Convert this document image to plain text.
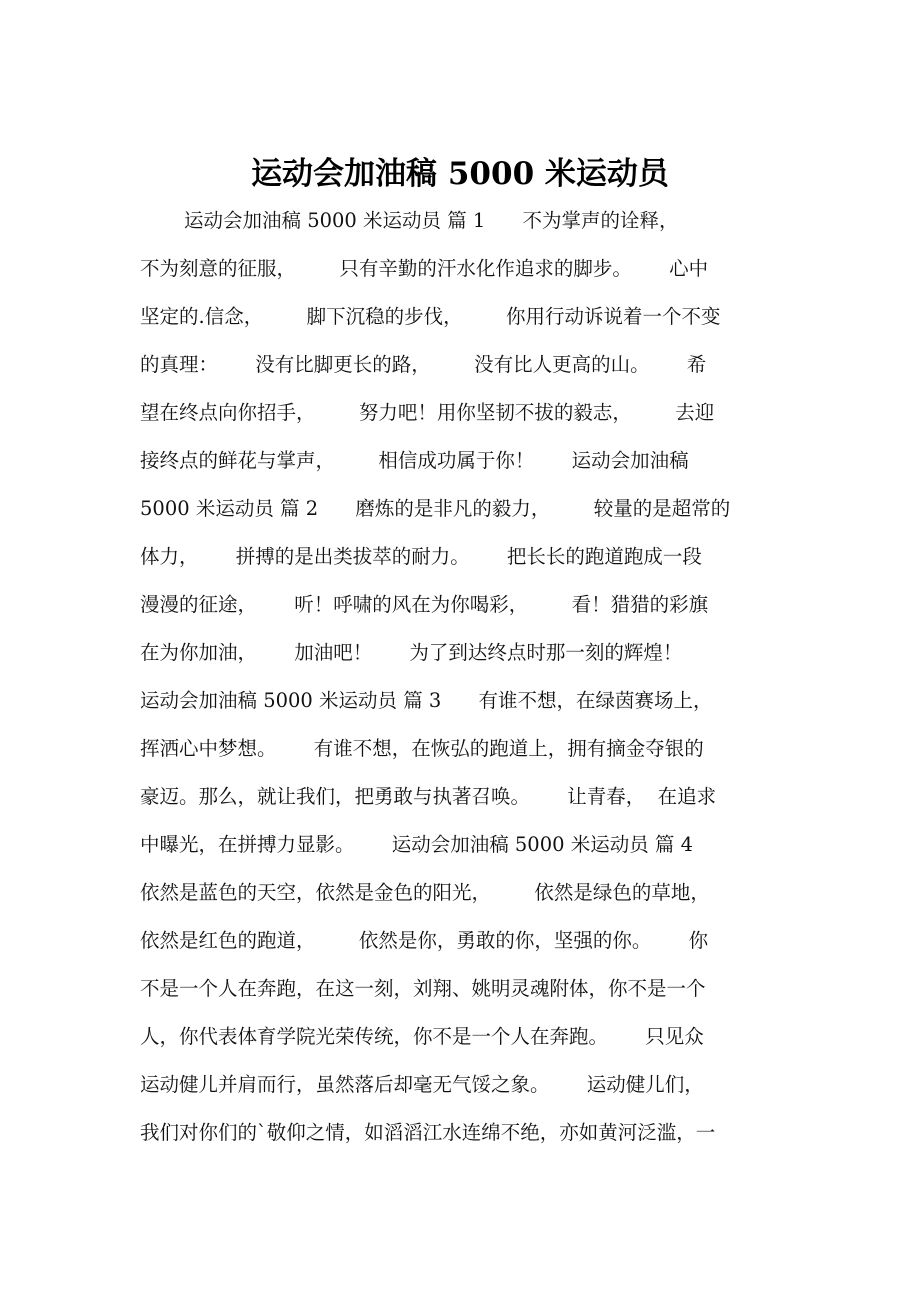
运动会加油稿 5000 米运动员
运动会加油稿 5000 米运动员 篇 1      不为掌声的诠释，
不为刻意的征服，       只有辛勤的汗水化作追求的脚步。      心中
坚定的.信念，       脚下沉稳的步伐，       你用行动诉说着一个不变
的真理：      没有比脚更长的路，       没有比人更高的山。      希
望在终点向你招手，       努力吧！用你坚韧不拔的毅志，       去迎
接终点的鲜花与掌声，       相信成功属于你！      运动会加油稿
5000 米运动员 篇 2      磨炼的是非凡的毅力，       较量的是超常的
体力，      拼搏的是出类拔萃的耐力。      把长长的跑道跑成一段
漫漫的征途，      听！呼啸的风在为你喝彩，       看！猎猎的彩旗
在为你加油，      加油吧！      为了到达终点时那一刻的辉煌！
运动会加油稿 5000 米运动员 篇 3      有谁不想，在绿茵赛场上，
挥洒心中梦想。      有谁不想，在恢弘的跑道上，拥有摘金夺银的
豪迈。那么，就让我们，把勇敢与执著召唤。      让青春，  在追求
中曝光，在拼搏力显影。      运动会加油稿 5000 米运动员 篇 4
依然是蓝色的天空，依然是金色的阳光，       依然是绿色的草地，
依然是红色的跑道，       依然是你，勇敢的你，坚强的你。      你
不是一个人在奔跑，在这一刻，刘翔、姚明灵魂附体，你不是一个
人，你代表体育学院光荣传统，你不是一个人在奔跑。      只见众
运动健儿并肩而行，虽然落后却毫无气馁之象。      运动健儿们，
我们对你们的`敬仰之情，如滔滔江水连绵不绝，亦如黄河泛滥，一
